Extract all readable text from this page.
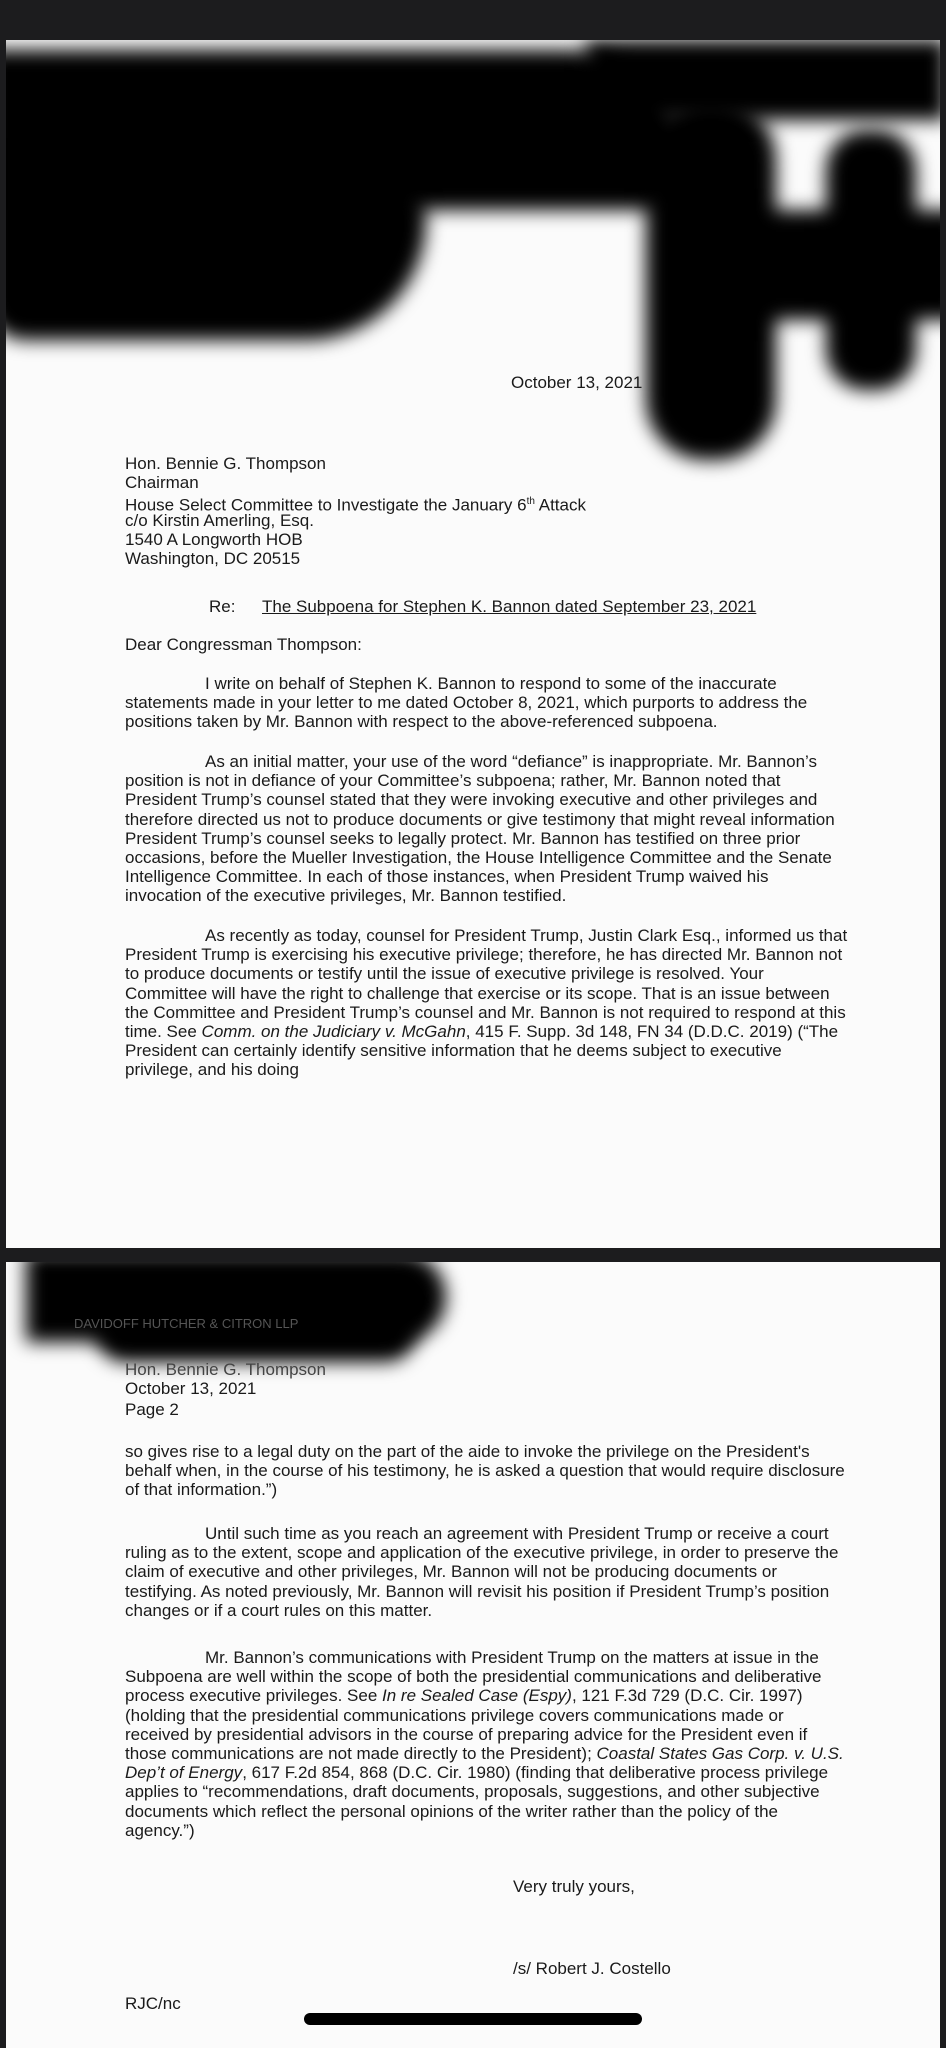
October 13, 2021
Hon. Bennie G. Thompson
Chairman
House Select Committee to Investigate the January 6th Attack
c/o Kirstin Amerling, Esq.
1540 A Longworth HOB
Washington, DC 20515
Re: The Subpoena for Stephen K. Bannon dated September 23, 2021
Dear Congressman Thompson:

I write on behalf of Stephen K. Bannon to respond to some of the inaccurate statements made in your letter to me dated October 8, 2021, which purports to address the positions taken by Mr. Bannon with respect to the above-referenced subpoena.

As an initial matter, your use of the word “defiance” is inappropriate. Mr. Bannon’s position is not in defiance of your Committee’s subpoena; rather, Mr. Bannon noted that President Trump’s counsel stated that they were invoking executive and other privileges and therefore directed us not to produce documents or give testimony that might reveal information President Trump’s counsel seeks to legally protect. Mr. Bannon has testified on three prior occasions, before the Mueller Investigation, the House Intelligence Committee and the Senate Intelligence Committee. In each of those instances, when President Trump waived his invocation of the executive privileges, Mr. Bannon testified.

As recently as today, counsel for President Trump, Justin Clark Esq., informed us that President Trump is exercising his executive privilege; therefore, he has directed Mr. Bannon not to produce documents or testify until the issue of executive privilege is resolved. Your Committee will have the right to challenge that exercise or its scope. That is an issue between the Committee and President Trump’s counsel and Mr. Bannon is not required to respond at this time. See Comm. on the Judiciary v. McGahn, 415 F. Supp. 3d 148, FN 34 (D.D.C. 2019) (“The President can certainly identify sensitive information that he deems subject to executive privilege, and his doing

DAVIDOFF HUTCHER & CITRON LLP
Hon. Bennie G. Thompson
October 13, 2021
Page 2

so gives rise to a legal duty on the part of the aide to invoke the privilege on the President's behalf when, in the course of his testimony, he is asked a question that would require disclosure of that information.”)

Until such time as you reach an agreement with President Trump or receive a court ruling as to the extent, scope and application of the executive privilege, in order to preserve the claim of executive and other privileges, Mr. Bannon will not be producing documents or testifying. As noted previously, Mr. Bannon will revisit his position if President Trump’s position changes or if a court rules on this matter.

Mr. Bannon’s communications with President Trump on the matters at issue in the Subpoena are well within the scope of both the presidential communications and deliberative process executive privileges. See In re Sealed Case (Espy), 121 F.3d 729 (D.C. Cir. 1997) (holding that the presidential communications privilege covers communications made or received by presidential advisors in the course of preparing advice for the President even if those communications are not made directly to the President); Coastal States Gas Corp. v. U.S. Dep’t of Energy, 617 F.2d 854, 868 (D.C. Cir. 1980) (finding that deliberative process privilege applies to “recommendations, draft documents, proposals, suggestions, and other subjective documents which reflect the personal opinions of the writer rather than the policy of the agency.”)

Very truly yours,
/s/ Robert J. Costello
RJC/nc
